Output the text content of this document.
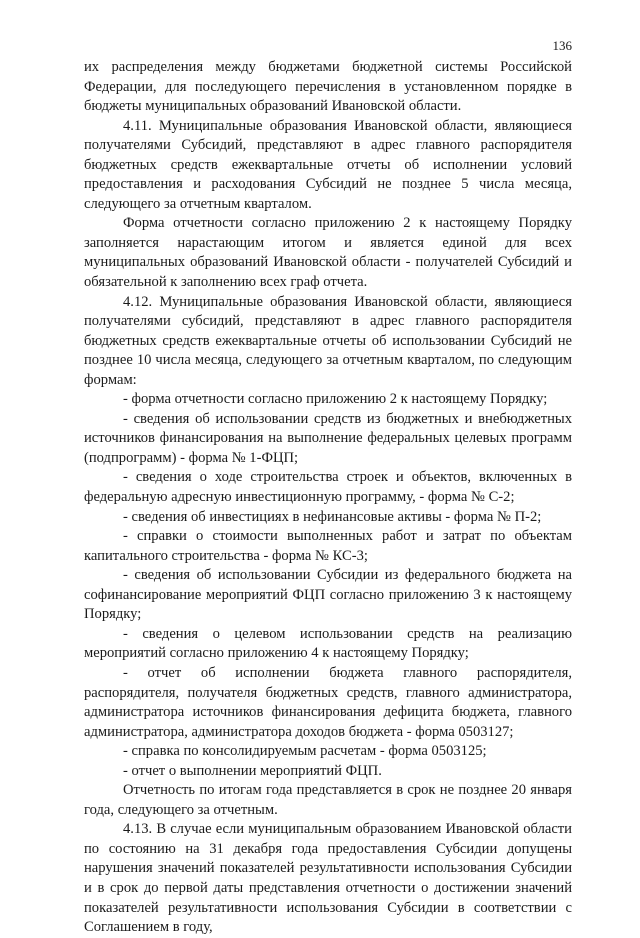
136

их распределения между бюджетами бюджетной системы Российской Федерации, для последующего перечисления в установленном порядке в бюджеты муниципальных образований Ивановской области.

4.11. Муниципальные образования Ивановской области, являющиеся получателями Субсидий, представляют в адрес главного распорядителя бюджетных средств ежеквартальные отчеты об исполнении условий предоставления и расходования Субсидий не позднее 5 числа месяца, следующего за отчетным кварталом.

Форма отчетности согласно приложению 2 к настоящему Порядку заполняется нарастающим итогом и является единой для всех муниципальных образований Ивановской области - получателей Субсидий и обязательной к заполнению всех граф отчета.

4.12. Муниципальные образования Ивановской области, являющиеся получателями субсидий, представляют в адрес главного распорядителя бюджетных средств ежеквартальные отчеты об использовании Субсидий не позднее 10 числа месяца, следующего за отчетным кварталом, по следующим формам:

- форма отчетности согласно приложению 2 к настоящему Порядку;

- сведения об использовании средств из бюджетных и внебюджетных источников финансирования на выполнение федеральных целевых программ (подпрограмм) - форма № 1-ФЦП;

- сведения о ходе строительства строек и объектов, включенных в федеральную адресную инвестиционную программу, - форма № С-2;

- сведения об инвестициях в нефинансовые активы - форма № П-2;

- справки о стоимости выполненных работ и затрат по объектам капитального строительства - форма № КС-3;

- сведения об использовании Субсидии из федерального бюджета на софинансирование мероприятий ФЦП согласно приложению 3 к настоящему Порядку;

- сведения о целевом использовании средств на реализацию мероприятий согласно приложению 4 к настоящему Порядку;

- отчет об исполнении бюджета главного распорядителя, распорядителя, получателя бюджетных средств, главного администратора, администратора источников финансирования дефицита бюджета, главного администратора, администратора доходов бюджета - форма 0503127;

- справка по консолидируемым расчетам - форма 0503125;

- отчет о выполнении мероприятий ФЦП.

Отчетность по итогам года представляется в срок не позднее 20 января года, следующего за отчетным.

4.13. В случае если муниципальным образованием Ивановской области по состоянию на 31 декабря года предоставления Субсидии допущены нарушения значений показателей результативности использования Субсидии и в срок до первой даты представления отчетности о достижении значений показателей результативности использования Субсидии в соответствии с Соглашением в году,
